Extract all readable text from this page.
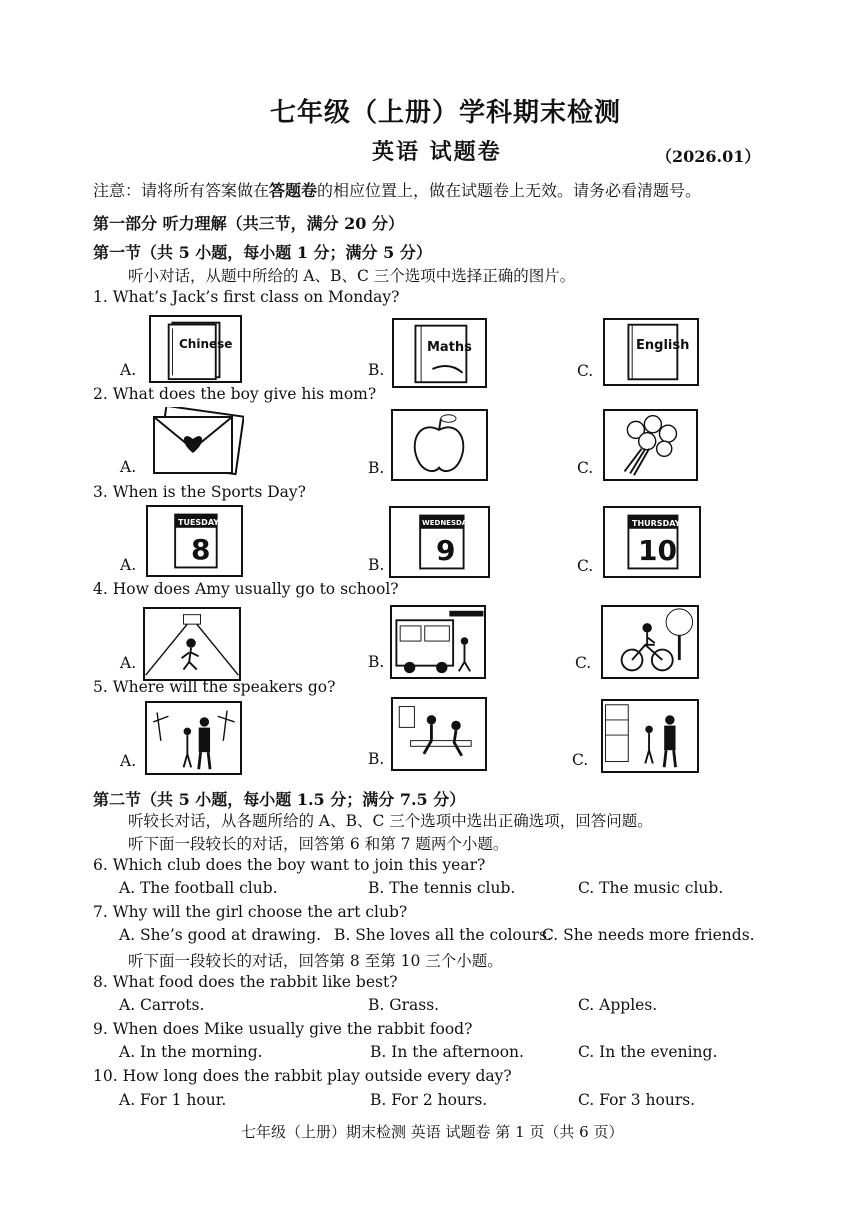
七年级（上册）学科期末检测
英语 试题卷	（2026.01）
注意：请将所有答案做在答题卷的相应位置上，做在试题卷上无效。请务必看清题号。
第一部分 听力理解（共三节，满分 20 分）
第一节（共 5 小题，每小题 1 分；满分 5 分）
听小对话，从题中所给的 A、B、C 三个选项中选择正确的图片。
1. What’s Jack’s first class on Monday?
A.
Chinese
B.
Maths
C.
English
2. What does the boy give his mom?
A.	B.	C.
3. When is the Sports Day?
A.
TUESDAY
8	B.
WEDNESDAY
9	C.
THURSDAY
10
4. How does Amy usually go to school?
A.	B.	C.
5. Where will the speakers go?
A.	B.	C.
第二节（共 5 小题，每小题 1.5 分；满分 7.5 分）
听较长对话，从各题所给的 A、B、C 三个选项中选出正确选项，回答问题。
听下面一段较长的对话，回答第 6 和第 7 题两个小题。
6. Which club does the boy want to join this year?
A. The football club.	B. The tennis club.	C. The music club.
7. Why will the girl choose the art club?
A. She’s good at drawing. B. She loves all the colours.
C. She needs more friends.
听下面一段较长的对话，回答第 8 至第 10 三个小题。
8. What food does the rabbit like best?
A. Carrots.	B. Grass.	C. Apples.
9. When does Mike usually give the rabbit food?
A. In the morning.	B. In the afternoon.	C. In the evening.
10. How long does the rabbit play outside every day?
A. For 1 hour.	B. For 2 hours.	C. For 3 hours.
七年级（上册）期末检测 英语 试题卷 第 1 页（共 6 页）
